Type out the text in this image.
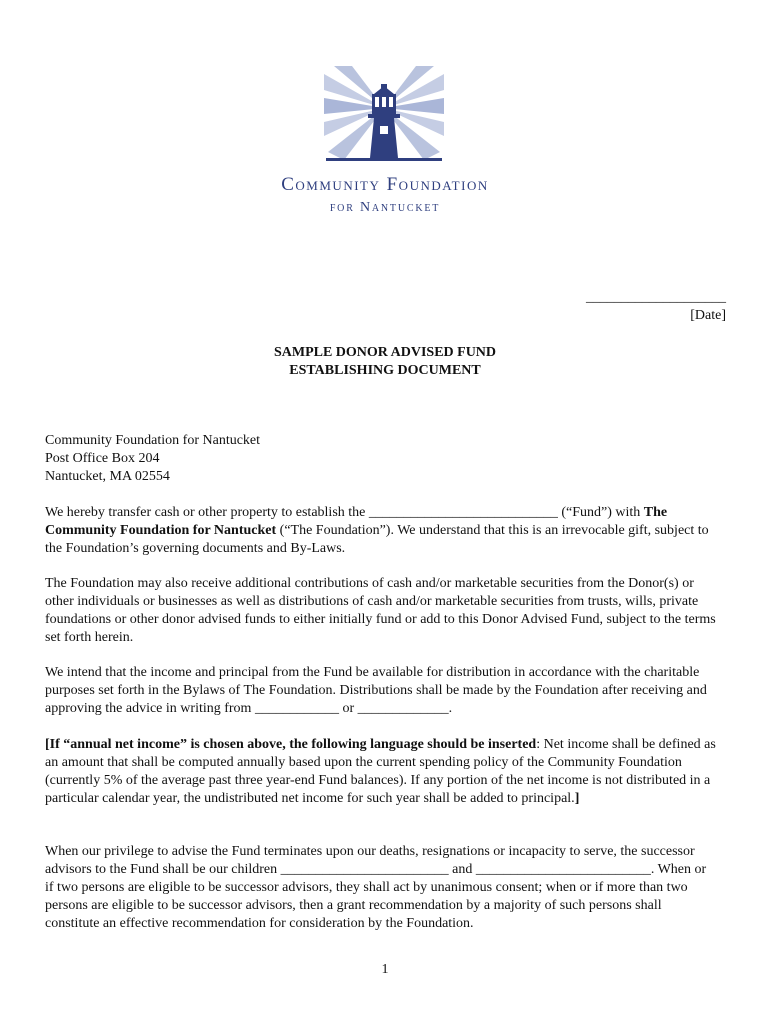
Community Foundation
for Nantucket
____________________
[Date]
SAMPLE DONOR ADVISED FUND
ESTABLISHING DOCUMENT
Community Foundation for Nantucket
Post Office Box 204
Nantucket, MA 02554
We hereby transfer cash or other property to establish the ___________________________ (“Fund”) with The Community Foundation for Nantucket (“The Foundation”). We understand that this is an irrevocable gift, subject to the Foundation’s governing documents and By-Laws.
The Foundation may also receive additional contributions of cash and/or marketable securities from the Donor(s) or other individuals or businesses as well as distributions of cash and/or marketable securities from trusts, wills, private foundations or other donor advised funds to either initially fund or add to this Donor Advised Fund, subject to the terms set forth herein.
We intend that the income and principal from the Fund be available for distribution in accordance with the charitable purposes set forth in the Bylaws of The Foundation. Distributions shall be made by the Foundation after receiving and approving the advice in writing from ____________ or _____________.
[If “annual net income” is chosen above, the following language should be inserted: Net income shall be defined as an amount that shall be computed annually based upon the current spending policy of the Community Foundation (currently 5% of the average past three year-end Fund balances). If any portion of the net income is not distributed in a particular calendar year, the undistributed net income for such year shall be added to principal.]
When our privilege to advise the Fund terminates upon our deaths, resignations or incapacity to serve, the successor advisors to the Fund shall be our children ________________________ and _________________________. When or if two persons are eligible to be successor advisors, they shall act by unanimous consent; when or if more than two persons are eligible to be successor advisors, then a grant recommendation by a majority of such persons shall constitute an effective recommendation for consideration by the Foundation.
1
